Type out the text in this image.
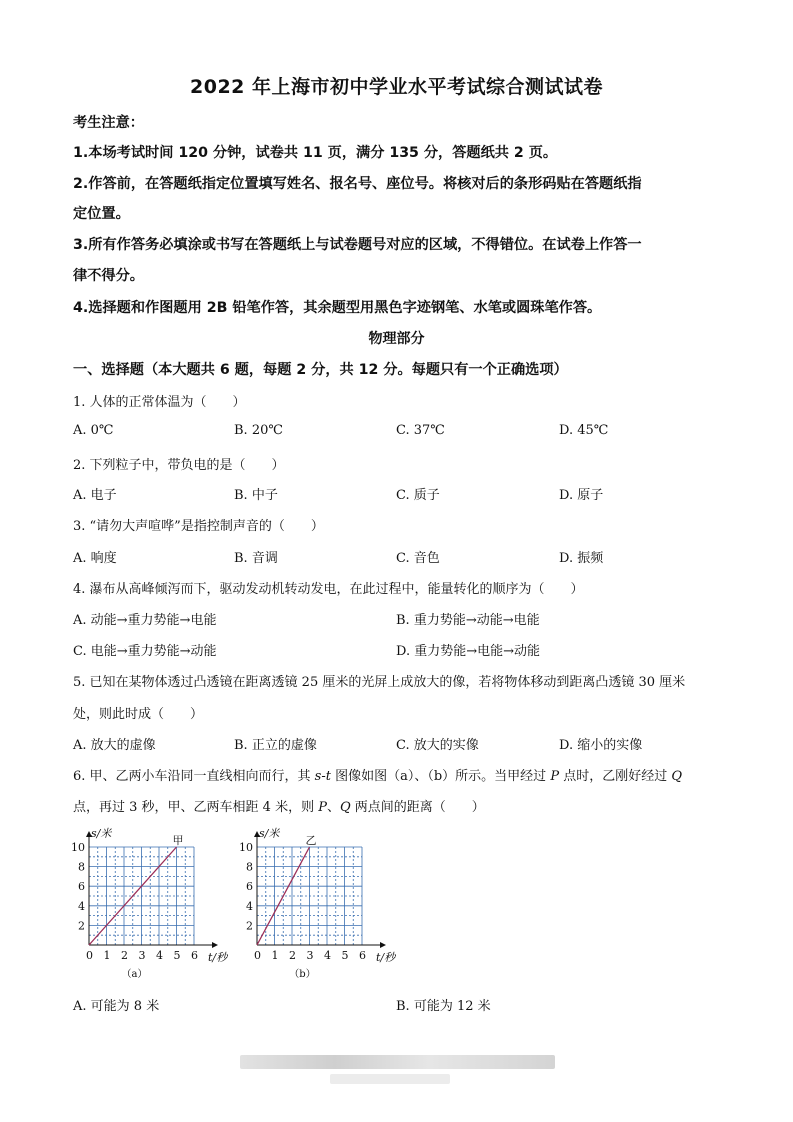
2022 年上海市初中学业水平考试综合测试试卷
考生注意：
1.本场考试时间 120 分钟，试卷共 11 页，满分 135 分，答题纸共 2 页。
2.作答前，在答题纸指定位置填写姓名、报名号、座位号。将核对后的条形码贴在答题纸指
定位置。
3.所有作答务必填涂或书写在答题纸上与试卷题号对应的区域，不得错位。在试卷上作答一
律不得分。
4.选择题和作图题用 2B 铅笔作答，其余题型用黑色字迹钢笔、水笔或圆珠笔作答。
物理部分
一、选择题（本大题共 6 题，每题 2 分，共 12 分。每题只有一个正确选项）
1. 人体的正常体温为（　　）
A. 0℃	B. 20℃	C. 37℃	D. 45℃
2. 下列粒子中，带负电的是（　　）
A. 电子	B. 中子	C. 质子	D. 原子
3. “请勿大声喧哗”是指控制声音的（　　）
A. 响度	B. 音调	C. 音色	D. 振频
4. 瀑布从高峰倾泻而下，驱动发动机转动发电，在此过程中，能量转化的顺序为（　　）
A. 动能→重力势能→电能	B. 重力势能→动能→电能
C. 电能→重力势能→动能	D. 重力势能→电能→动能
5. 已知在某物体透过凸透镜在距离透镜 25 厘米的光屏上成放大的像，若将物体移动到距离凸透镜 30 厘米
处，则此时成（　　）
A. 放大的虚像	B. 正立的虚像	C. 放大的实像	D. 缩小的实像
6. 甲、乙两小车沿同一直线相向而行，其 s-t 图像如图（a）、（b）所示。当甲经过 P 点时，乙刚好经过 Q
点，再过 3 秒，甲、乙两车相距 4 米，则 P、Q 两点间的距离（　　）
0 1 2 3 4 5 6
2
4
6
8
10
s/米
t/秒
甲
（a）
0 1 2 3 4 5 6
2
4
6
8
10
s/米
t/秒
乙
（b）
A. 可能为 8 米	B. 可能为 12 米
